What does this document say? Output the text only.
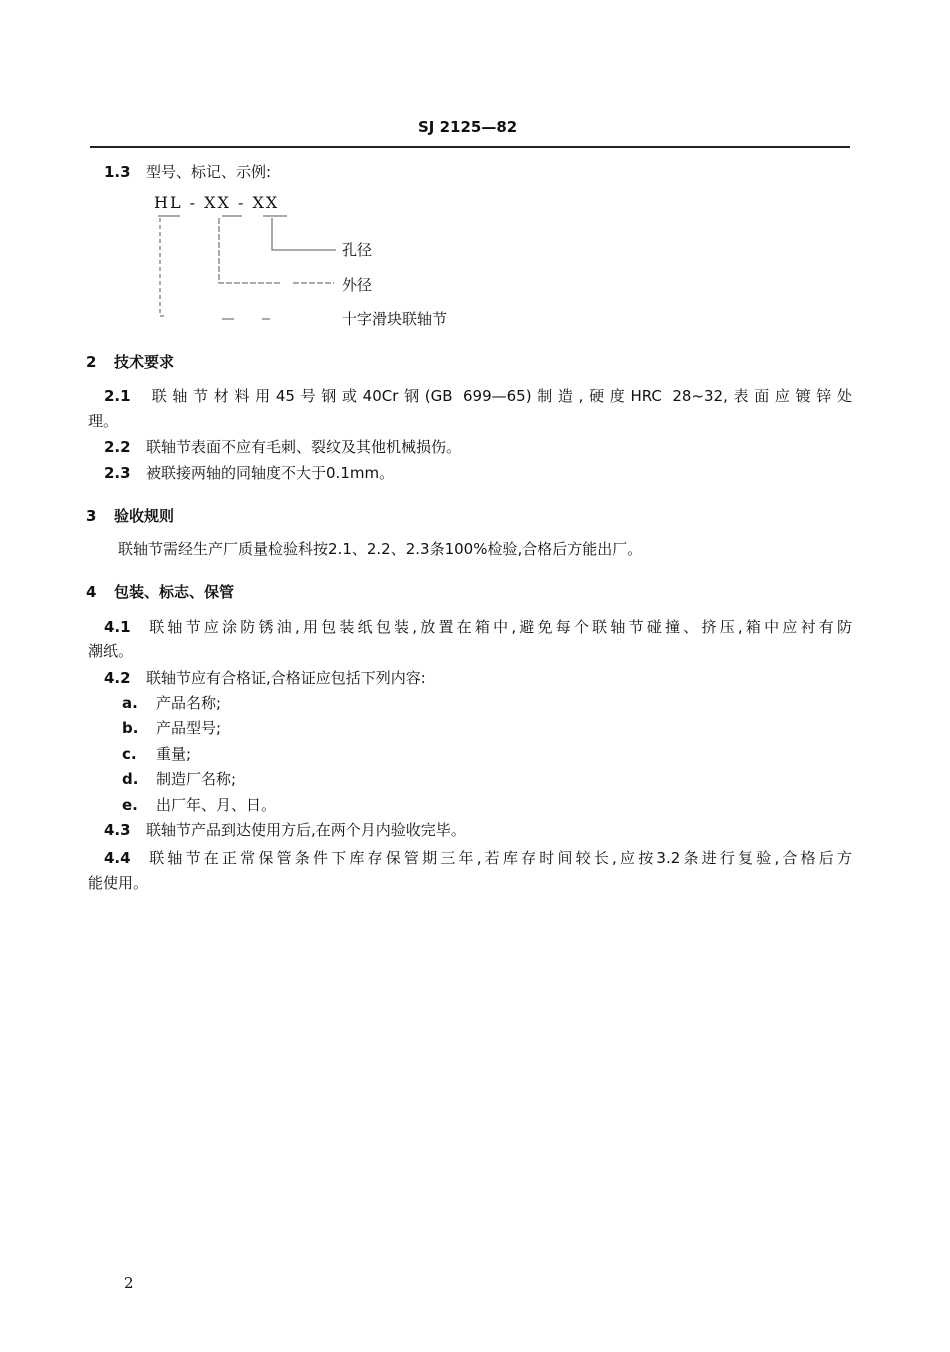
SJ 2125—82
1.3 型号、标记、示例:
HL - XX - XX
孔径
外径
十字滑块联轴节
2 技术要求
2.1 联轴节材料用45号钢或40Cr钢(GB 699—65)制造,硬度HRC 28~32,表面应镀锌处
理。
2.2 联轴节表面不应有毛刺、裂纹及其他机械损伤。
2.3 被联接两轴的同轴度不大于0.1mm。
3 验收规则
联轴节需经生产厂质量检验科按2.1、2.2、2.3条100%检验,合格后方能出厂。
4 包装、标志、保管
4.1 联轴节应涂防锈油,用包装纸包装,放置在箱中,避免每个联轴节碰撞、挤压,箱中应衬有防
潮纸。
4.2 联轴节应有合格证,合格证应包括下列内容:
a. 产品名称;
b. 产品型号;
c. 重量;
d. 制造厂名称;
e. 出厂年、月、日。
4.3 联轴节产品到达使用方后,在两个月内验收完毕。
4.4 联轴节在正常保管条件下库存保管期三年,若库存时间较长,应按3.2条进行复验,合格后方
能使用。
2
